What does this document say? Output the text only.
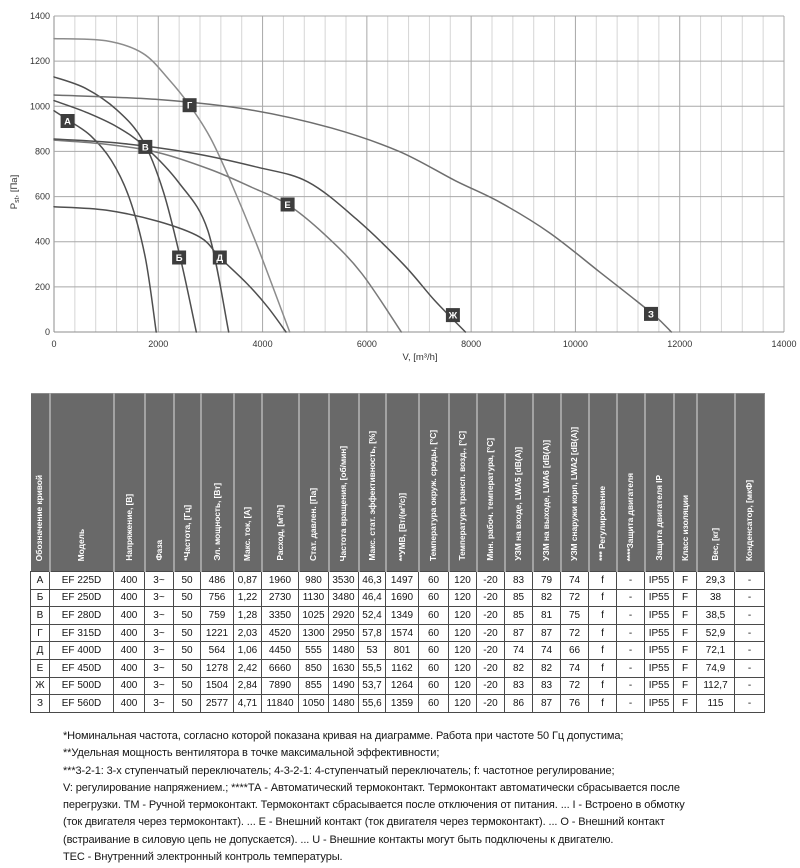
0	2000	4000	6000	8000	10000	12000	14000
0
200
400
600
800
1000
1200
1400
А
Б
В
Г
Д
Е
Ж	З
V, [m³/h]
$P_{st}$, [Па]
Обозначение кривой	Модель	Напряжение, [В]	Фаза	*Частота, [Гц]	Эл. мощность, [Вт]	Макс. ток, [А]	Расход, [м³/h]	Стат. давлен. [Па]	Частота вращения, [об/мин]	Макс. стат. эффективность, [%]	**УМВ, [Вт/(м³/с)]	Температура окруж. среды, [°C]	Температура трансп. возд., [°C]	Мин. рабоч. температура, [°C]	УЗМ на входе, LWA5 [dB(A)]	УЗМ на выходе, LWA6 [dB(A)]	УЗМ снаружи корп, LWA2 [dB(A)]	*** Регулирование	****Защита двигателя	Защита двигателя IP	Класс изоляции	Вес, [кг]	Конденсатор, [мкФ]
А	EF 225D	400	3~	50	486	0,87	1960	980	3530	46,3	1497	60	120	-20	83	79	74	f	-	IP55	F	29,3	-
Б	EF 250D	400	3~	50	756	1,22	2730	1130	3480	46,4	1690	60	120	-20	85	82	72	f	-	IP55	F	38	-
В	EF 280D	400	3~	50	759	1,28	3350	1025	2920	52,4	1349	60	120	-20	85	81	75	f	-	IP55	F	38,5	-
Г	EF 315D	400	3~	50	1221	2,03	4520	1300	2950	57,8	1574	60	120	-20	87	87	72	f	-	IP55	F	52,9	-
Д	EF 400D	400	3~	50	564	1,06	4450	555	1480	53	801	60	120	-20	74	74	66	f	-	IP55	F	72,1	-
Е	EF 450D	400	3~	50	1278	2,42	6660	850	1630	55,5	1162	60	120	-20	82	82	74	f	-	IP55	F	74,9	-
Ж	EF 500D	400	3~	50	1504	2,84	7890	855	1490	53,7	1264	60	120	-20	83	83	72	f	-	IP55	F	112,7	-
З	EF 560D	400	3~	50	2577	4,71	11840	1050	1480	55,6	1359	60	120	-20	86	87	76	f	-	IP55	F	115	-
*Номинальная частота, согласно которой показана кривая на диаграмме. Работа при частоте 50 Гц допустима;
**Удельная мощность вентилятора в точке максимальной эффективности;
***3-2-1: 3-х ступенчатый переключатель; 4-3-2-1: 4-ступенчатый переключатель; f: частотное регулирование;
V: регулирование напряжением.; ****ТА - Автоматический термоконтакт. Термоконтакт автоматически сбрасывается после
перегрузки. ТМ - Ручной термоконтакт. Термоконтакт сбрасывается после отключения от питания. ... I - Встроено в обмотку
(ток двигателя через термоконтакт). ... Е - Внешний контакт (ток двигателя через термоконтакт). ... О - Внешний контакт
(встраивание в силовую цепь не допускается). ... U - Внешние контакты могут быть подключены к двигателю.
ТЕС - Внутренний электронный контроль температуры.
